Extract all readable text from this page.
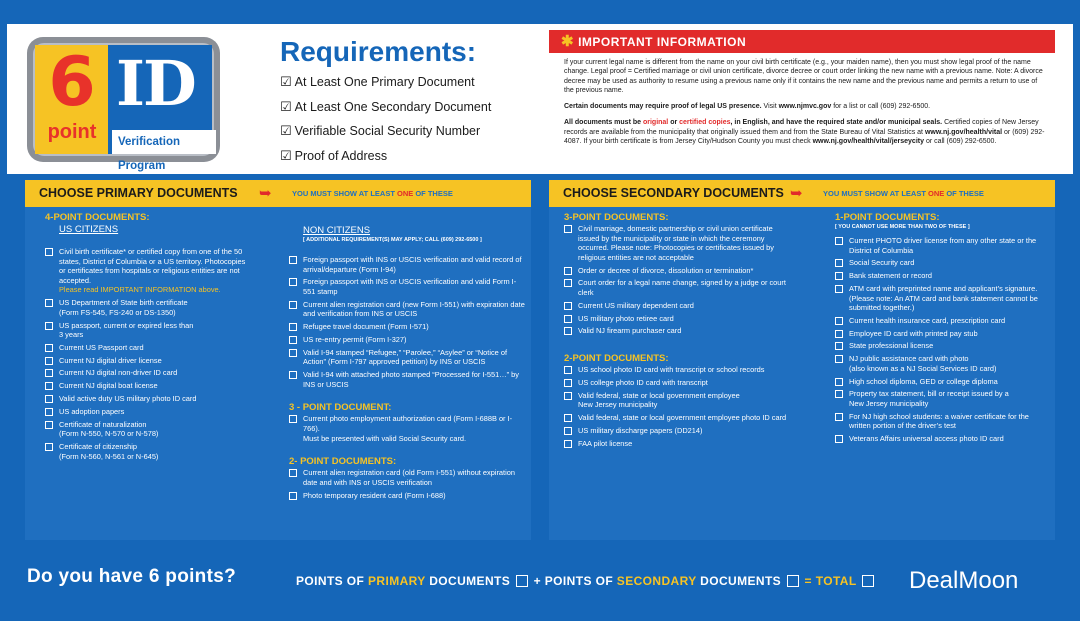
6
point
ID
Verification Program
Requirements:
☑ At Least One Primary Document
☑ At Least One Secondary Document
☑ Verifiable Social Security Number
☑ Proof of Address
✱ IMPORTANT INFORMATION

If your current legal name is different from the name on your civil birth certificate (e.g., your maiden name), then you must show legal proof of the name change. Legal proof = Certified marriage or civil union certificate, divorce decree or court order linking the new name with a previous name. Note: A divorce decree may be used as authority to resume using a previous name only if it contains the new name and the previous name and permits a return to use of the previous name.

Certain documents may require proof of legal US presence. Visit www.njmvc.gov for a list or call (609) 292-6500.

All documents must be original or certified copies, in English, and have the required state and/or municipal seals. Certified copies of New Jersey records are available from the municipality that originally issued them and from the State Bureau of Vital Statistics at www.nj.gov/health/vital or (609) 292-4087. If your birth certificate is from Jersey City/Hudson County you must check www.nj.gov/health/vital/jerseycity or call (609) 292-6500.

CHOOSE PRIMARY DOCUMENTS ➥	YOU MUST SHOW AT LEAST ONE OF THESE
4-POINT DOCUMENTS:
US CITIZENS
Civil birth certificate* or certified copy from one of the 50 states, District of Columbia or a US territory. Photocopies or certificates from hospitals or religious entities are not accepted.
Please read IMPORTANT INFORMATION above.
US Department of State birth certificate
(Form FS-545, FS-240 or DS-1350)
US passport, current or expired less than
3 years
Current US Passport card
Current NJ digital driver license
Current NJ digital non-driver ID card
Current NJ digital boat license
Valid active duty US military photo ID card
US adoption papers
Certificate of naturalization
(Form N-550, N-570 or N-578)
Certificate of citizenship
(Form N-560, N-561 or N-645)
NON CITIZENS
[ ADDITIONAL REQUIREMENT(S) MAY APPLY; CALL (609) 292-6500 ]
Foreign passport with INS or USCIS verification and valid record of arrival/departure (Form I-94)
Foreign passport with INS or USCIS verification and valid Form I-551 stamp
Current alien registration card (new Form I-551) with expiration date and verification from INS or USCIS
Refugee travel document (Form I-571)
US re-entry permit (Form I-327)
Valid I-94 stamped “Refugee,” “Parolee,” “Asylee” or “Notice of Action” (Form I-797 approved petition) by INS or USCIS
Valid I-94 with attached photo stamped “Processed for I-551…” by INS or USCIS
3 - POINT DOCUMENT:
Current photo employment authorization card (Form I-688B or I-766).
Must be presented with valid Social Security card.
2- POINT DOCUMENTS:
Current alien registration card (old Form I-551) without expiration date and with INS or USCIS verification
Photo temporary resident card (Form I-688)
CHOOSE SECONDARY DOCUMENTS ➥	YOU MUST SHOW AT LEAST ONE OF THESE
3-POINT DOCUMENTS:
Civil marriage, domestic partnership or civil union certificate issued by the municipality or state in which the ceremony occurred. Please note: Photocopies or certificates issued by religious entities are not acceptable
Order or decree of divorce, dissolution or termination*
Court order for a legal name change, signed by a judge or court clerk
Current US military dependent card
US military photo retiree card
Valid NJ firearm purchaser card
2-POINT DOCUMENTS:
US school photo ID card with transcript or school records
US college photo ID card with transcript
Valid federal, state or local government employee
New Jersey municipality
Valid federal, state or local government employee photo ID card
US military discharge papers (DD214)
FAA pilot license
1-POINT DOCUMENTS:
[ YOU CANNOT USE MORE THAN TWO OF THESE ]
Current PHOTO driver license from any other state or the District of Columbia
Social Security card
Bank statement or record
ATM card with preprinted name and applicant’s signature. (Please note: An ATM card and bank statement cannot be submitted together.)
Current health insurance card, prescription card
Employee ID card with printed pay stub
State professional license
NJ public assistance card with photo
(also known as a NJ Social Services ID card)
High school diploma, GED or college diploma
Property tax statement, bill or receipt issued by a
New Jersey municipality
For NJ high school students: a waiver certificate for the written portion of the driver’s test
Veterans Affairs universal access photo ID card
Do you have 6 points?	POINTS OF PRIMARY DOCUMENTS  + POINTS OF SECONDARY DOCUMENTS  = TOTAL	DealMoon
